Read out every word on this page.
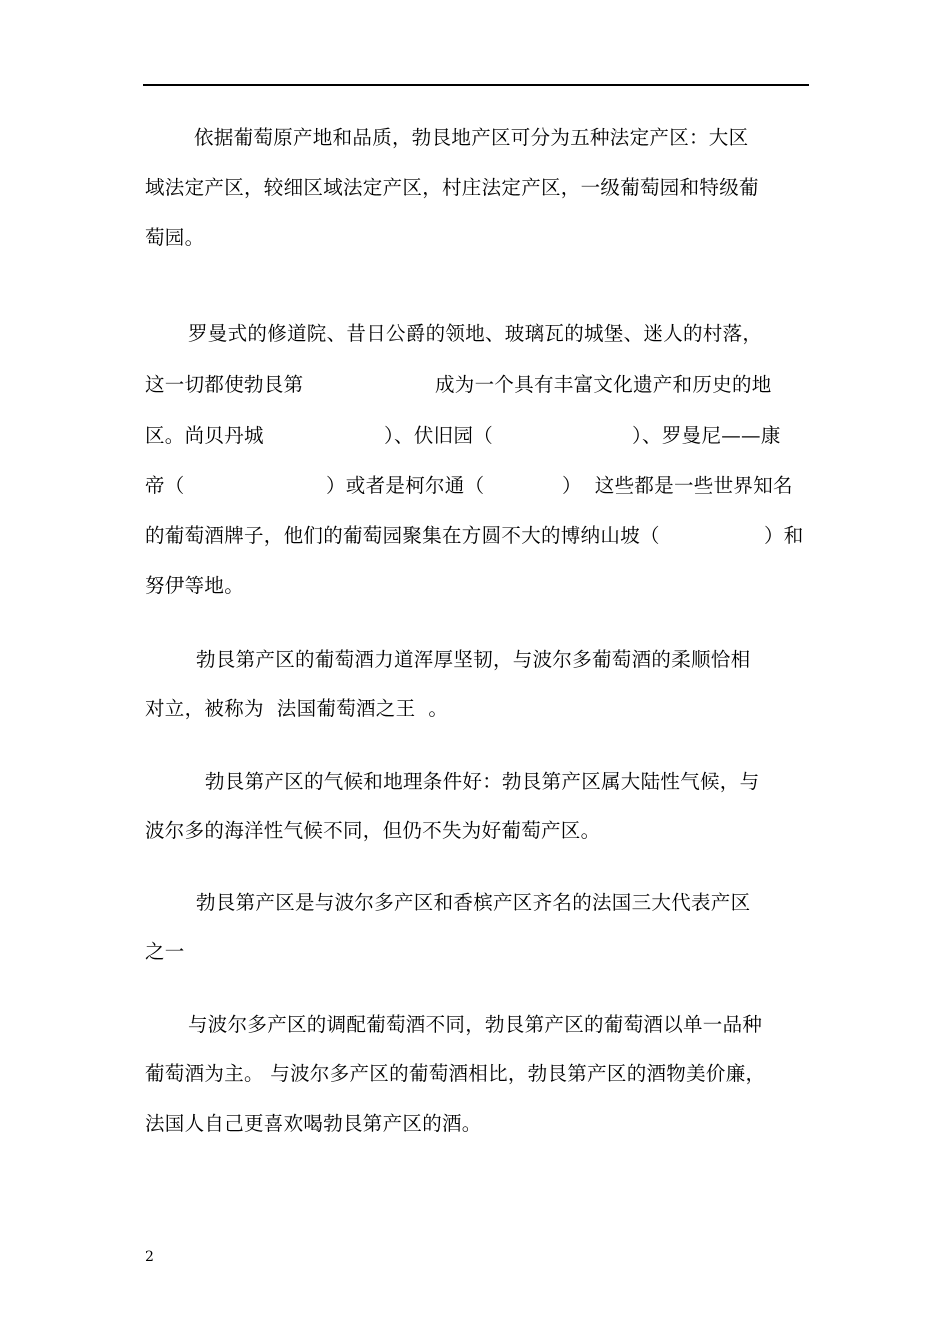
依据葡萄原产地和品质，勃艮地产区可分为五种法定产区：大区
域法定产区，较细区域法定产区，村庄法定产区，一级葡萄园和特级葡
萄园。
罗曼式的修道院、昔日公爵的领地、玻璃瓦的城堡、迷人的村落，
这一切都使勃艮第	成为一个具有丰富文化遗产和历史的地
区。尚贝丹城	）、伏旧园（	）、罗曼尼——康
帝（	）或者是柯尔通（	）  这些都是一些世界知名
的葡萄酒牌子，他们的葡萄园聚集在方圆不大的博纳山坡（	）和
努伊等地。
勃艮第产区的葡萄酒力道浑厚坚韧，与波尔多葡萄酒的柔顺恰相
对立，被称为  法国葡萄酒之王  。
勃艮第产区的气候和地理条件好：勃艮第产区属大陆性气候，与
波尔多的海洋性气候不同，但仍不失为好葡萄产区。
勃艮第产区是与波尔多产区和香槟产区齐名的法国三大代表产区
之一
与波尔多产区的调配葡萄酒不同，勃艮第产区的葡萄酒以单一品种
葡萄酒为主。 与波尔多产区的葡萄酒相比，勃艮第产区的酒物美价廉，
法国人自己更喜欢喝勃艮第产区的酒。
2
